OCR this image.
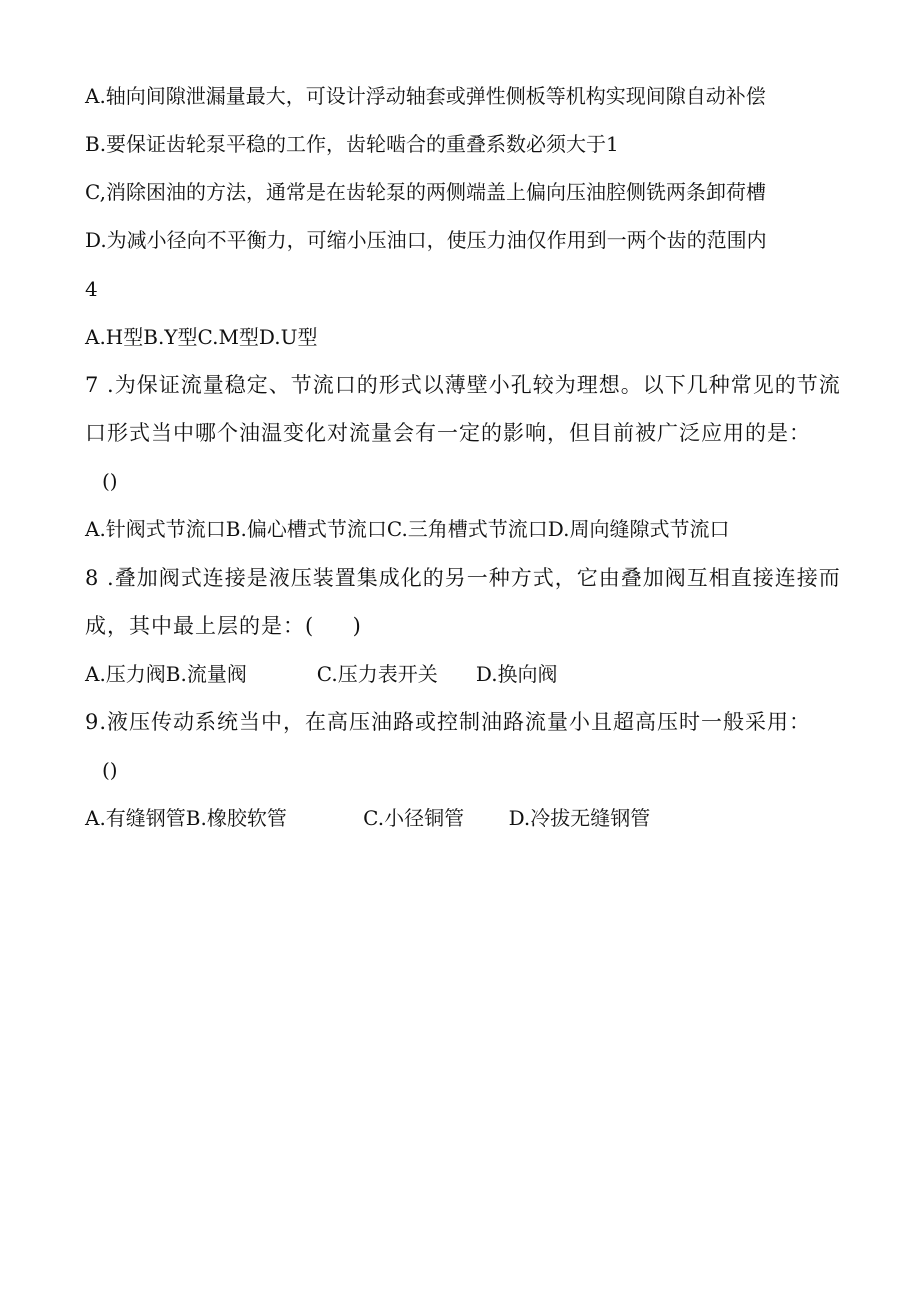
A.轴向间隙泄漏量最大，可设计浮动轴套或弹性侧板等机构实现间隙自动补偿
B.要保证齿轮泵平稳的工作，齿轮啮合的重叠系数必须大于1
C,消除困油的方法，通常是在齿轮泵的两侧端盖上偏向压油腔侧铣两条卸荷槽
D.为减小径向不平衡力，可缩小压油口，使压力油仅作用到一两个齿的范围内
4
A.H型B.Y型C.M型D.U型
7 .为保证流量稳定、节流口的形式以薄壁小孔较为理想。以下几种常见的节流
口形式当中哪个油温变化对流量会有一定的影响，但目前被广泛应用的是：
()
A.针阀式节流口B.偏心槽式节流口C.三角槽式节流口D.周向缝隙式节流口
8 .叠加阀式连接是液压装置集成化的另一种方式，它由叠加阀互相直接连接而
成，其中最上层的是：(     )
A.压力阀B.流量阀           C.压力表开关      D.换向阀
9.液压传动系统当中，在高压油路或控制油路流量小且超高压时一般采用：
()
A.有缝钢管B.橡胶软管            C.小径铜管       D.冷拔无缝钢管
